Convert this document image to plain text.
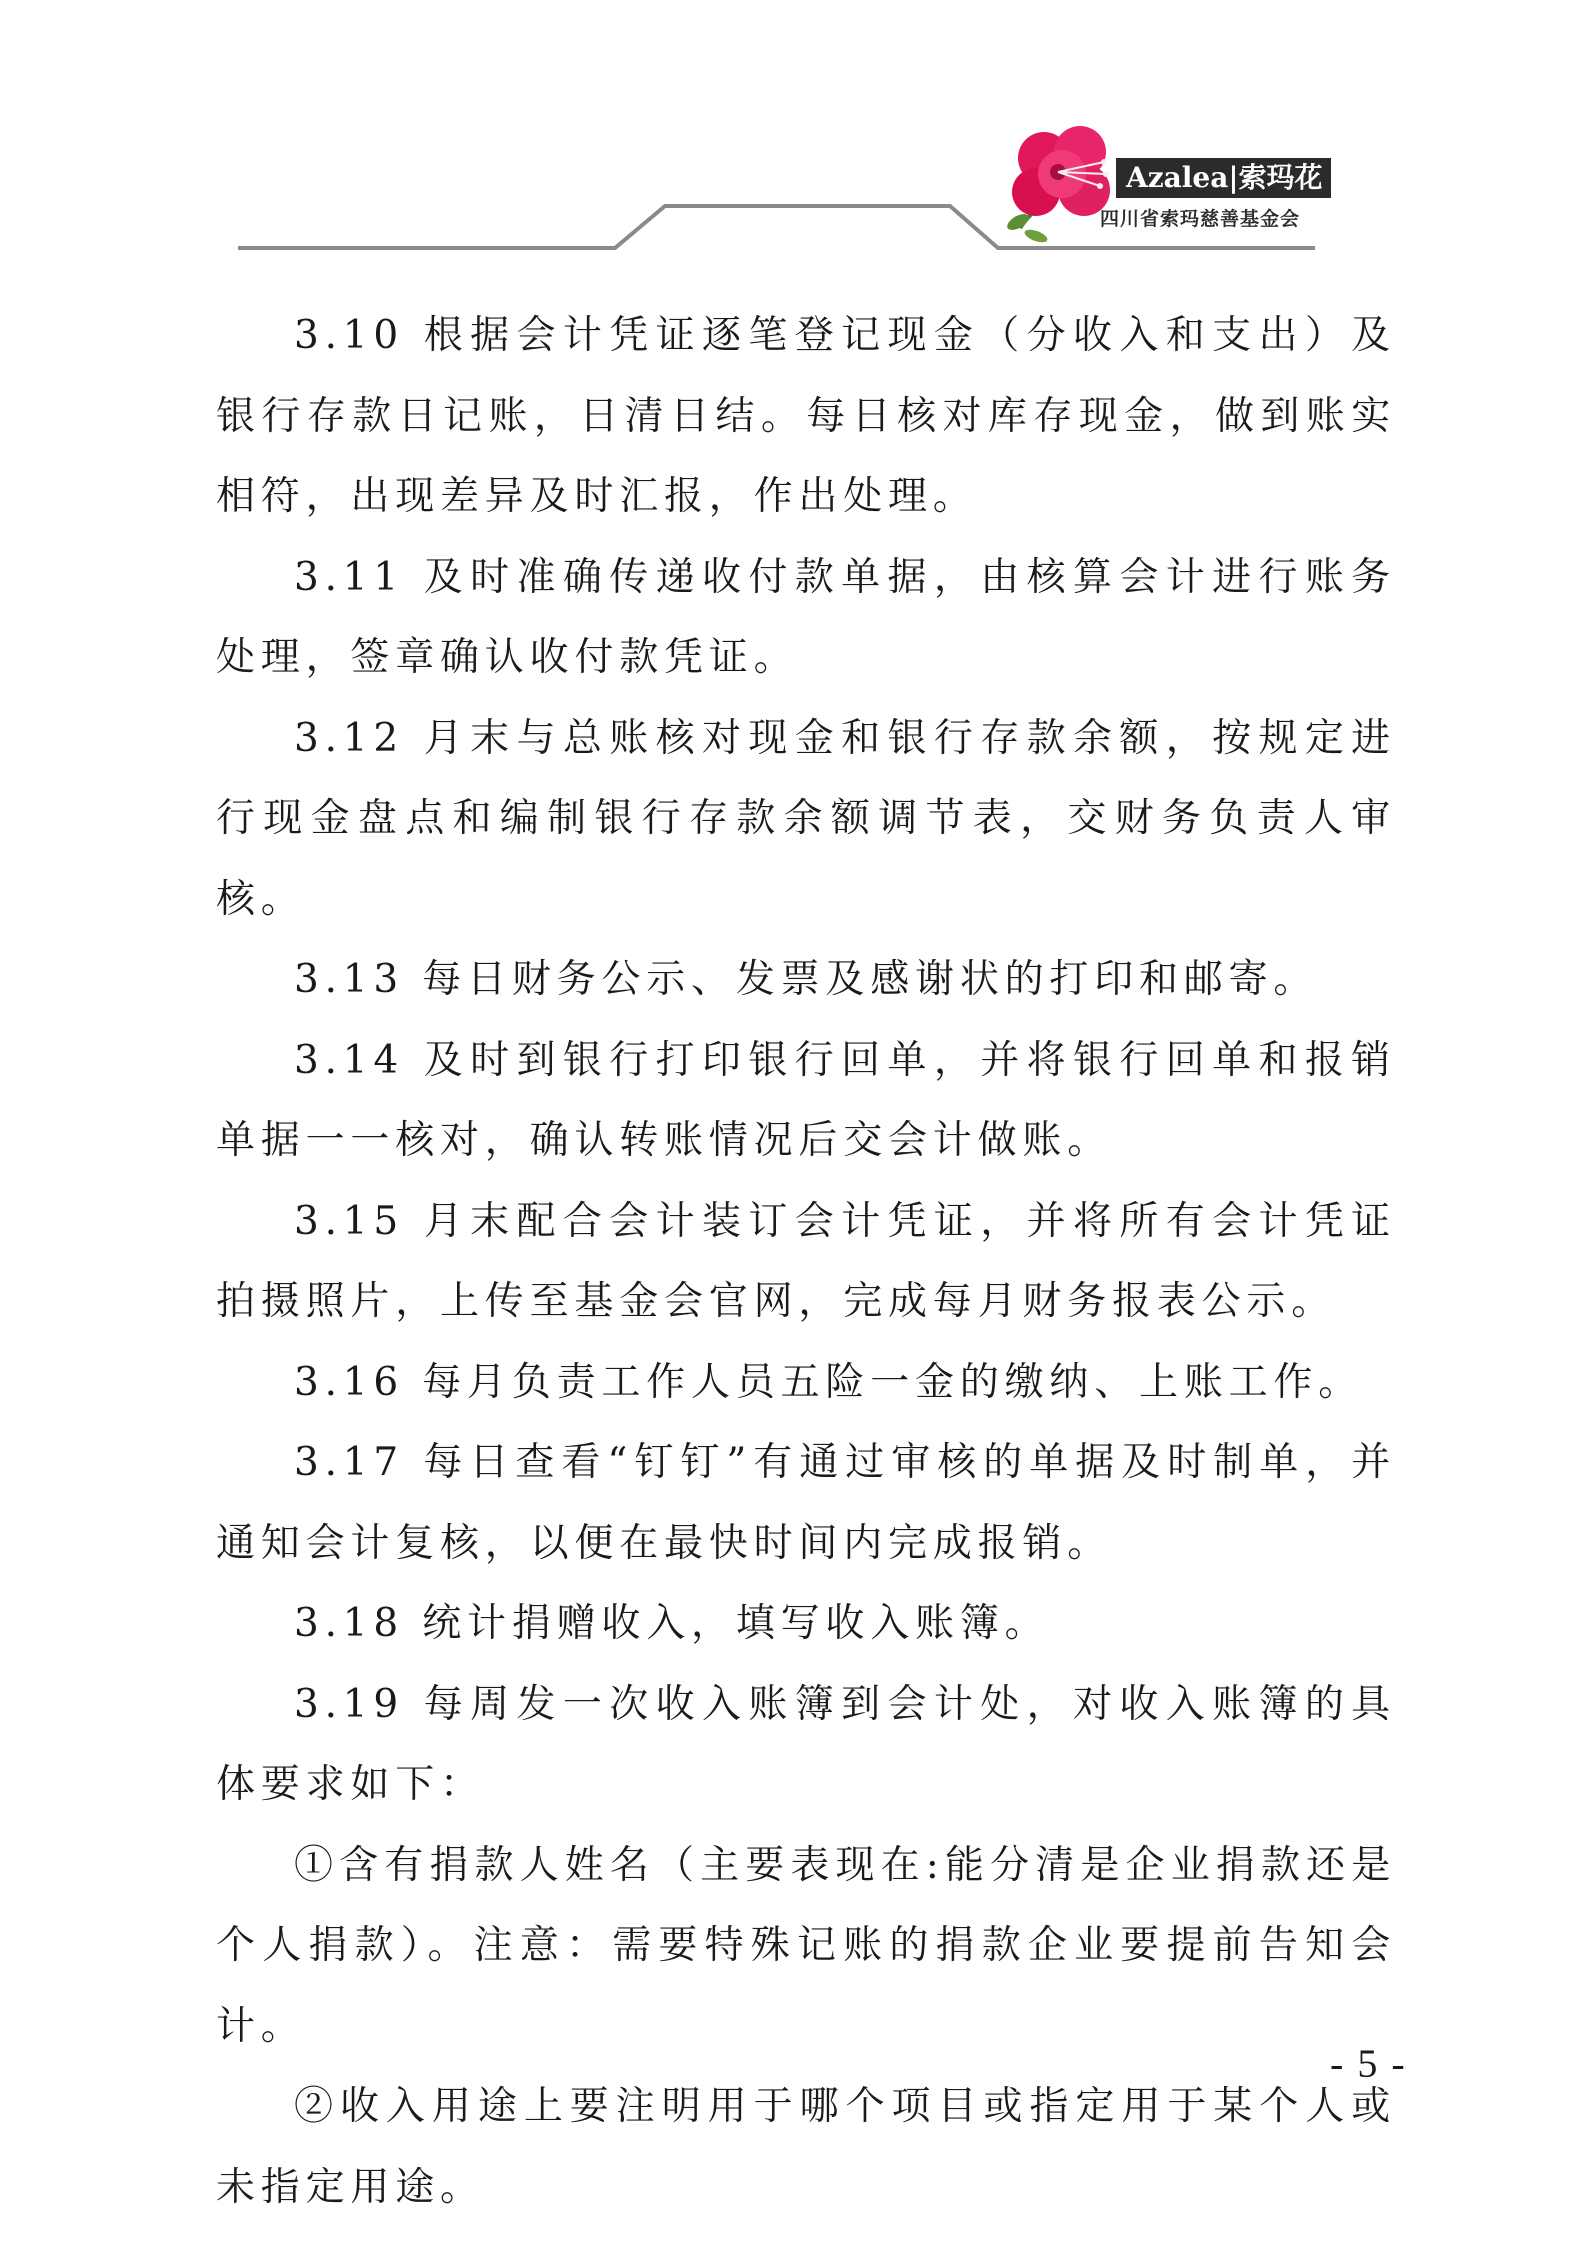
Azalea|索玛花
四川省索玛慈善基金会

3.10 根据会计凭证逐笔登记现金（分收入和支出）及银行存款日记账，日清日结。每日核对库存现金，做到账实相符，出现差异及时汇报，作出处理。

3.11 及时准确传递收付款单据，由核算会计进行账务处理，签章确认收付款凭证。

3.12 月末与总账核对现金和银行存款余额，按规定进行现金盘点和编制银行存款余额调节表，交财务负责人审核。

3.13 每日财务公示、发票及感谢状的打印和邮寄。

3.14 及时到银行打印银行回单，并将银行回单和报销单据一一核对，确认转账情况后交会计做账。

3.15 月末配合会计装订会计凭证，并将所有会计凭证拍摄照片，上传至基金会官网，完成每月财务报表公示。

3.16 每月负责工作人员五险一金的缴纳、上账工作。

3.17 每日查看“钉钉”有通过审核的单据及时制单，并通知会计复核，以便在最快时间内完成报销。

3.18 统计捐赠收入，填写收入账簿。

3.19 每周发一次收入账簿到会计处，对收入账簿的具体要求如下：

①含有捐款人姓名（主要表现在:能分清是企业捐款还是个人捐款）。注意：需要特殊记账的捐款企业要提前告知会计。

②收入用途上要注明用于哪个项目或指定用于某个人或未指定用途。

- 5 -
